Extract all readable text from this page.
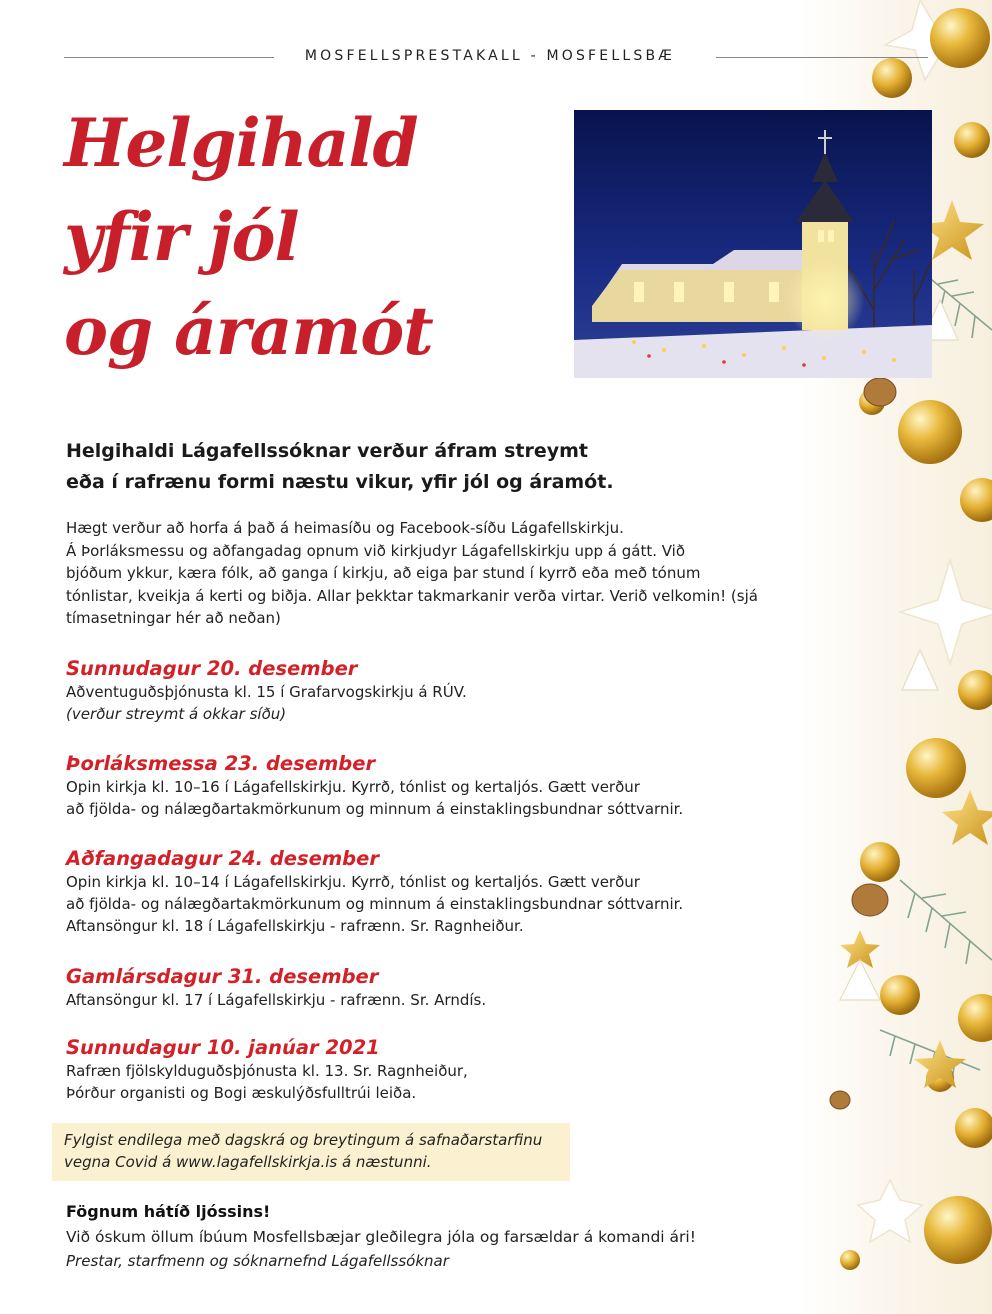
MOSFELLSPRESTAKALL - MOSFELLSBÆ
Helgihald
yfir jól
og áramót

Helgihaldi Lágafellssóknar verður áfram streymt

eða í rafrænu formi næstu vikur, yfir jól og áramót.

Hægt verður að horfa á það á heimasíðu og Facebook-síðu Lágafellskirkju.

Á Þorláksmessu og aðfangadag opnum við kirkjudyr Lágafellskirkju upp á gátt. Við

bjóðum ykkur, kæra fólk, að ganga í kirkju, að eiga þar stund í kyrrð eða með tónum

tónlistar, kveikja á kerti og biðja. Allar þekktar takmarkanir verða virtar. Verið velkomin! (sjá

tímasetningar hér að neðan)

Sunnudagur 20. desember

Aðventuguðsþjónusta kl. 15 í Grafarvogskirkju á RÚV.

(verður streymt á okkar síðu)

Þorláksmessa 23. desember

Opin kirkja kl. 10–16 í Lágafellskirkju. Kyrrð, tónlist og kertaljós. Gætt verður

að fjölda- og nálægðartakmörkunum og minnum á einstaklingsbundnar sóttvarnir.

Aðfangadagur 24. desember

Opin kirkja kl. 10–14 í Lágafellskirkju. Kyrrð, tónlist og kertaljós. Gætt verður

að fjölda- og nálægðartakmörkunum og minnum á einstaklingsbundnar sóttvarnir.

Aftansöngur kl. 18 í Lágafellskirkju - rafrænn. Sr. Ragnheiður.

Gamlársdagur 31. desember

Aftansöngur kl. 17 í Lágafellskirkju - rafrænn. Sr. Arndís.

Sunnudagur 10. janúar 2021

Rafræn fjölskylduguðsþjónusta kl. 13. Sr. Ragnheiður,

Þórður organisti og Bogi æskulýðsfulltrúi leiða.

Fylgist endilega með dagskrá og breytingum á safnaðarstarfinu

vegna Covid á www.lagafellskirkja.is á næstunni.

Fögnum hátíð ljóssins!

Við óskum öllum íbúum Mosfellsbæjar gleðilegra jóla og farsældar á komandi ári!

Prestar, starfmenn og sóknarnefnd Lágafellssóknar
